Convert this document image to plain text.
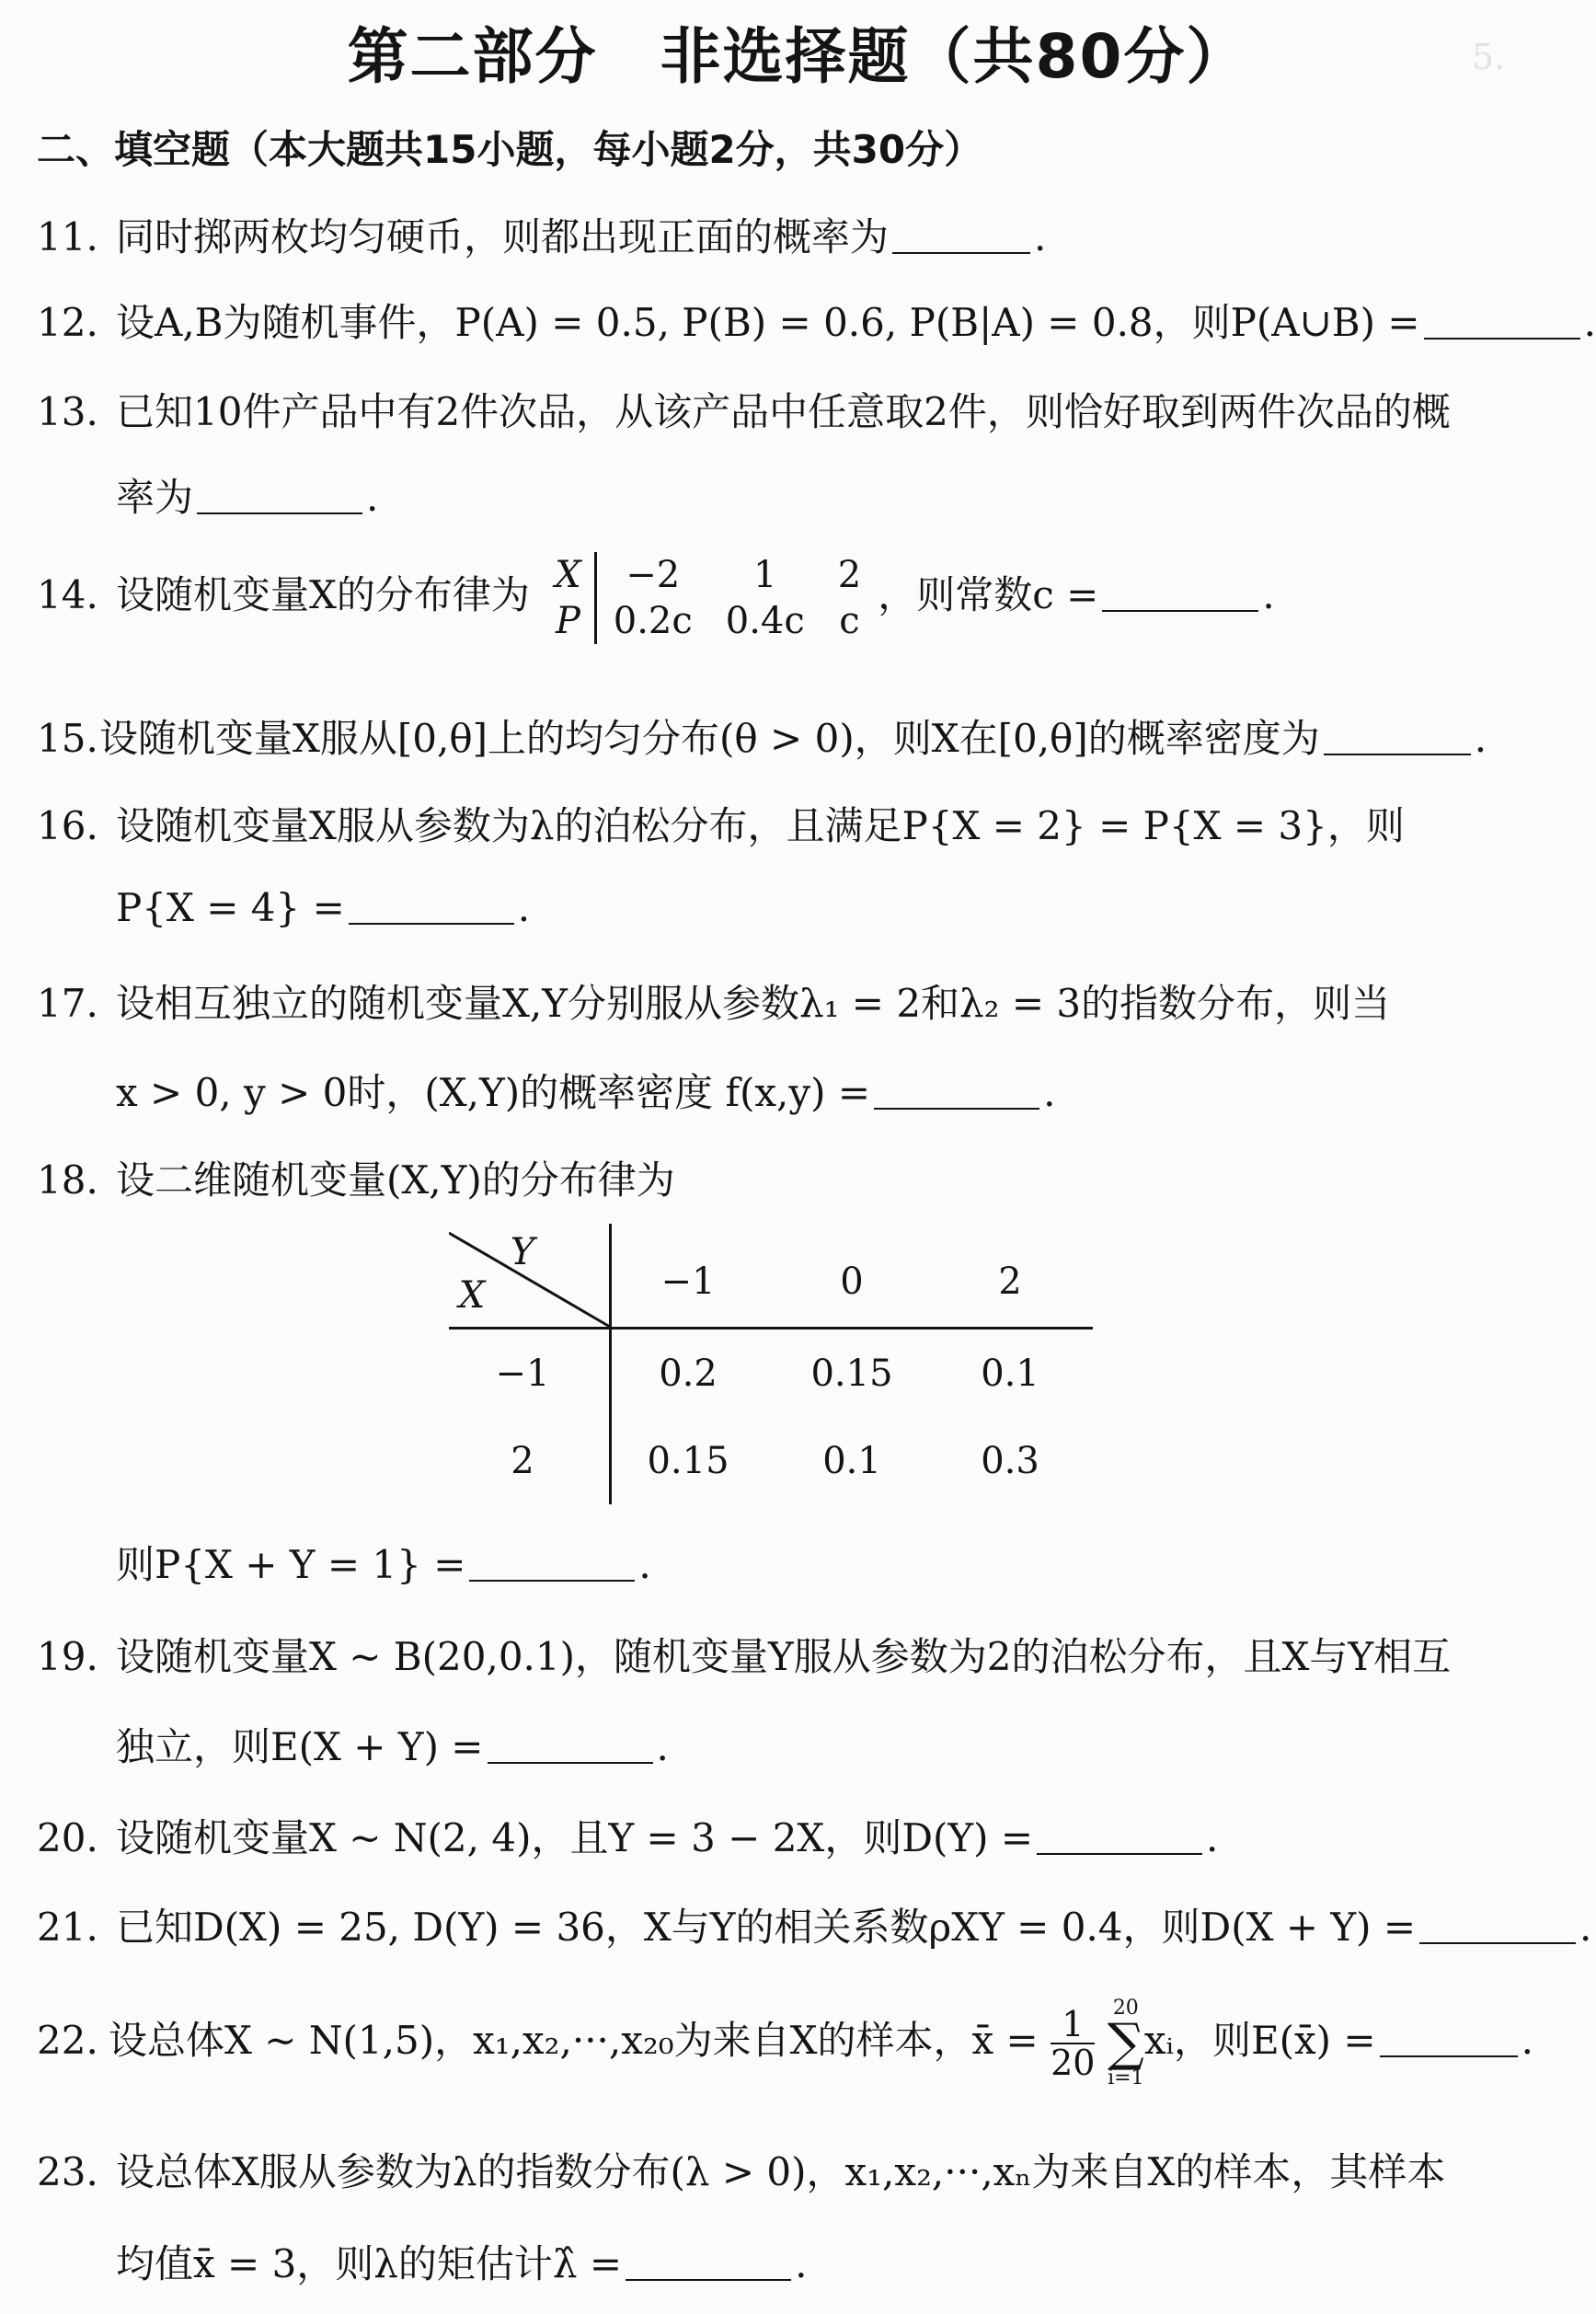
5.
第二部分　非选择题（共80分）
二、填空题（本大题共15小题，每小题2分，共30分）
11. 同时掷两枚均匀硬币，则都出现正面的概率为	.
12. 设A,B为随机事件，P(A) = 0.5, P(B) = 0.6, P(B|A) = 0.8，则P(A∪B) =	.
13. 已知10件产品中有2件次品，从该产品中任意取2件，则恰好取到两件次品的概
率为	.
14. 设随机变量X的分布律为 X	−2	1	2
P	0.2c	0.4c	c
，则常数c =	.
15.设随机变量X服从[0,θ]上的均匀分布(θ > 0)，则X在[0,θ]的概率密度为	.
16. 设随机变量X服从参数为λ的泊松分布，且满足P{X = 2} = P{X = 3}，则
P{X = 4} =	.
17. 设相互独立的随机变量X,Y分别服从参数λ₁ = 2和λ₂ = 3的指数分布，则当
x > 0, y > 0时，(X,Y)的概率密度 f(x,y) =	.
18. 设二维随机变量(X,Y)的分布律为
Y
X	−1	0	2
−1	0.2	0.15	0.1
2	0.15	0.1	0.3
则P{X + Y = 1} =	.
19. 设随机变量X ~ B(20,0.1)，随机变量Y服从参数为2的泊松分布，且X与Y相互
独立，则E(X + Y) =	.
20. 设随机变量X ~ N(2, 4)，且Y = 3 − 2X，则D(Y) =	.
21. 已知D(X) = 25, D(Y) = 36，X与Y的相关系数ρXY = 0.4，则D(X + Y) =	.
22. 设总体X ~ N(1,5)，x₁,x₂,···,x₂₀为来自X的样本，x̄ = $\frac{1}{20}$
20
∑
i=1
xᵢ，则E(x̄) =	.
23. 设总体X服从参数为λ的指数分布(λ > 0)，x₁,x₂,···,xₙ为来自X的样本，其样本
均值x̄ = 3，则λ的矩估计λ̂ =	.
